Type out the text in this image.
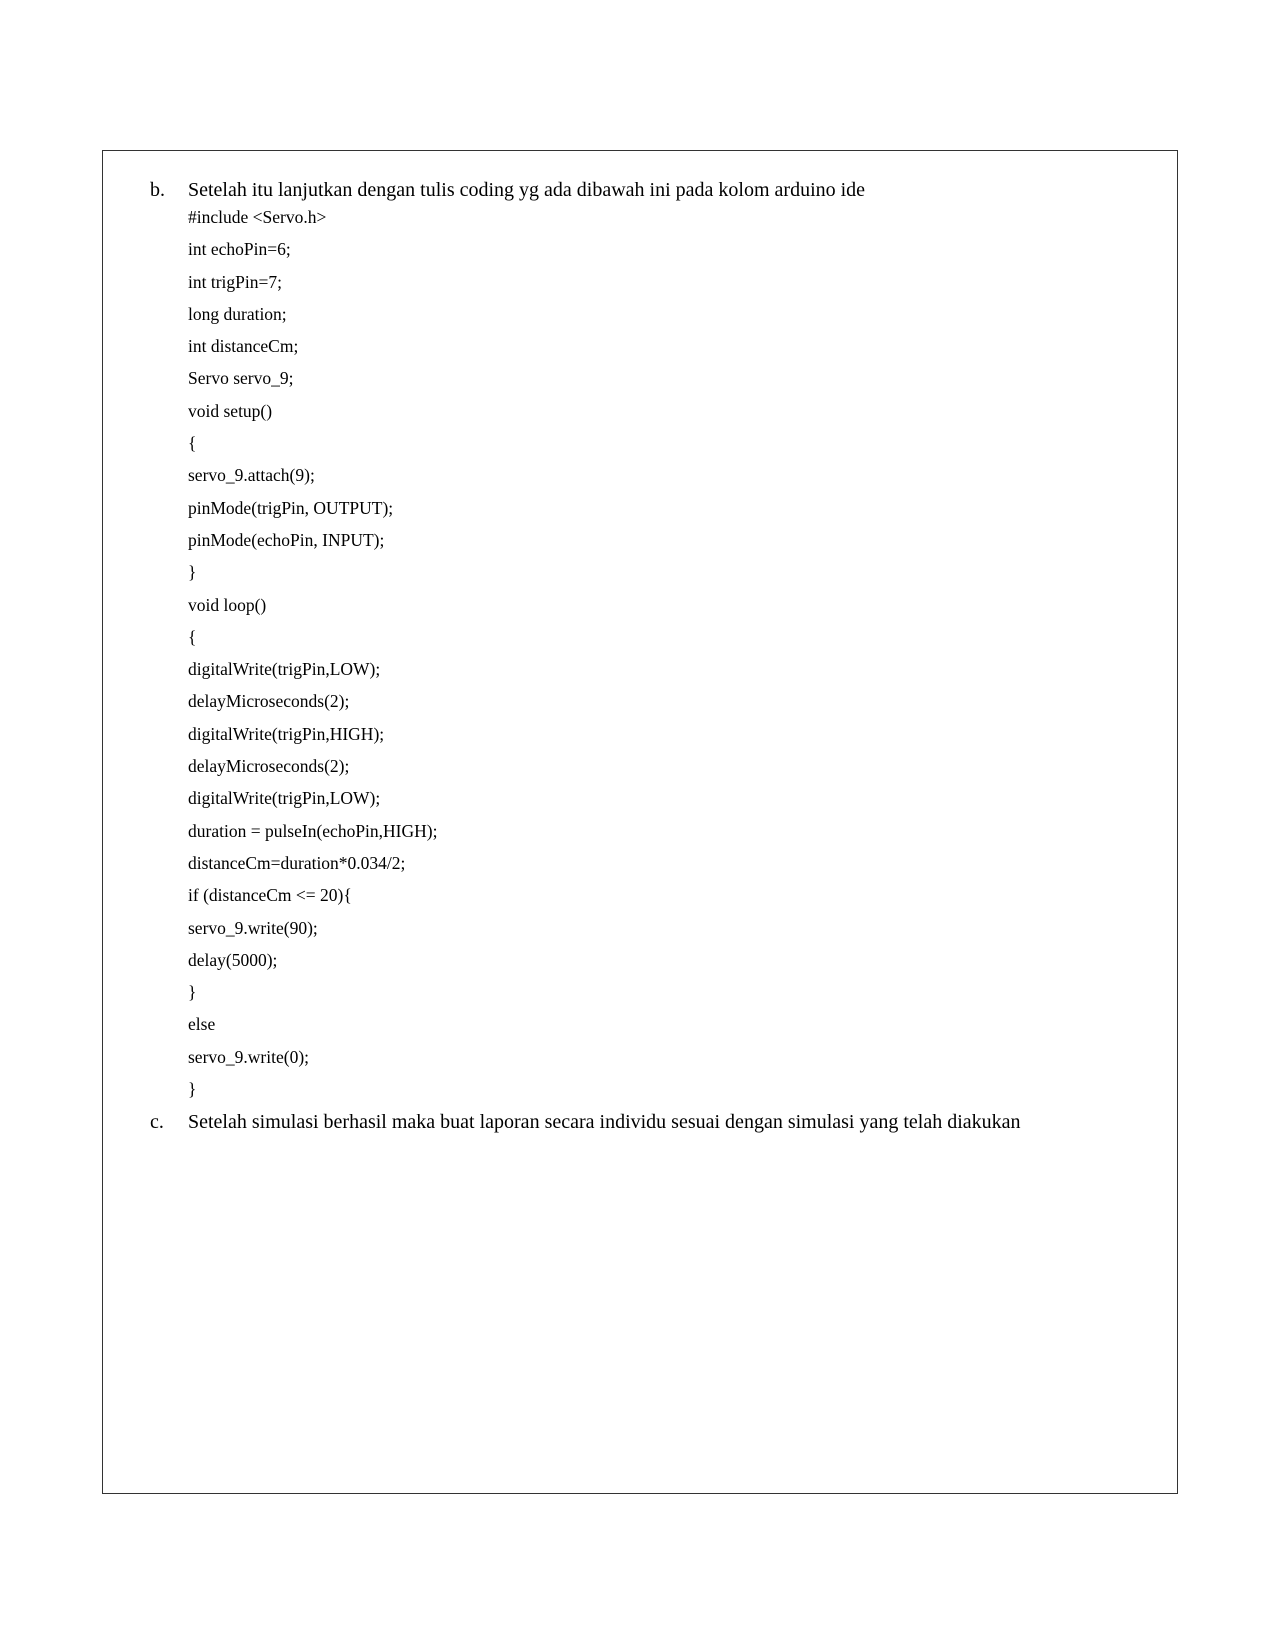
b. Setelah itu lanjutkan dengan tulis coding yg ada dibawah ini pada kolom arduino ide
#include <Servo.h>
int echoPin=6;
int trigPin=7;
long duration;
int distanceCm;
Servo servo_9;
void setup()
{
servo_9.attach(9);
pinMode(trigPin, OUTPUT);
pinMode(echoPin, INPUT);
}
void loop()
{
digitalWrite(trigPin,LOW);
delayMicroseconds(2);
digitalWrite(trigPin,HIGH);
delayMicroseconds(2);
digitalWrite(trigPin,LOW);
duration = pulseIn(echoPin,HIGH);
distanceCm=duration*0.034/2;
if (distanceCm <= 20){
servo_9.write(90);
delay(5000);
}
else
servo_9.write(0);
}
c. Setelah simulasi berhasil maka buat laporan secara individu sesuai dengan simulasi yang telah diakukan
